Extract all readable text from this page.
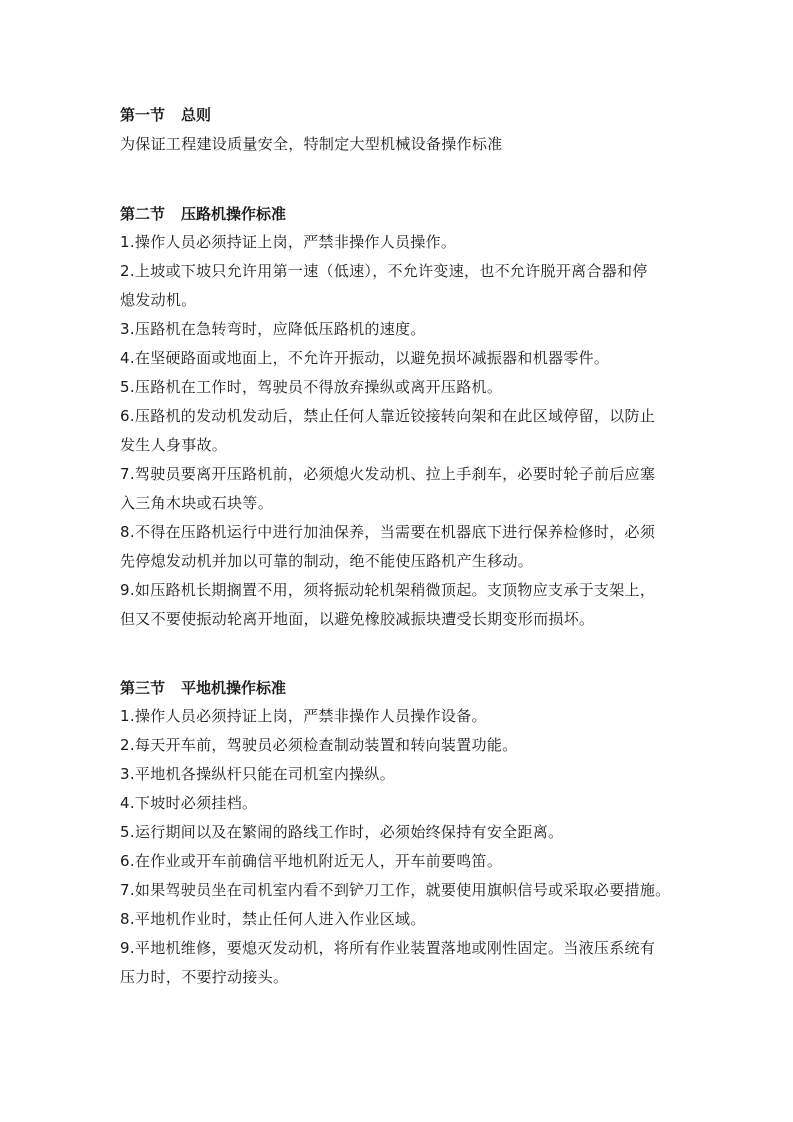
第一节 总则

为保证工程建设质量安全，特制定大型机械设备操作标准

第二节 压路机操作标准

1.操作人员必须持证上岗，严禁非操作人员操作。

2.上坡或下坡只允许用第一速（低速），不允许变速，也不允许脱开离合器和停

熄发动机。

3.压路机在急转弯时，应降低压路机的速度。

4.在坚硬路面或地面上，不允许开振动，以避免损坏减振器和机器零件。

5.压路机在工作时，驾驶员不得放弃操纵或离开压路机。

6.压路机的发动机发动后，禁止任何人靠近铰接转向架和在此区域停留，以防止

发生人身事故。

7.驾驶员要离开压路机前，必须熄火发动机、拉上手刹车，必要时轮子前后应塞

入三角木块或石块等。

8.不得在压路机运行中进行加油保养，当需要在机器底下进行保养检修时，必须

先停熄发动机并加以可靠的制动，绝不能使压路机产生移动。

9.如压路机长期搁置不用，须将振动轮机架稍微顶起。支顶物应支承于支架上，

但又不要使振动轮离开地面，以避免橡胶减振块遭受长期变形而损坏。

第三节 平地机操作标准

1.操作人员必须持证上岗，严禁非操作人员操作设备。

2.每天开车前，驾驶员必须检查制动装置和转向装置功能。

3.平地机各操纵杆只能在司机室内操纵。

4.下坡时必须挂档。

5.运行期间以及在繁闹的路线工作时，必须始终保持有安全距离。

6.在作业或开车前确信平地机附近无人，开车前要鸣笛。

7.如果驾驶员坐在司机室内看不到铲刀工作，就要使用旗帜信号或采取必要措施。

8.平地机作业时，禁止任何人进入作业区域。

9.平地机维修，要熄灭发动机，将所有作业装置落地或刚性固定。当液压系统有

压力时，不要拧动接头。
